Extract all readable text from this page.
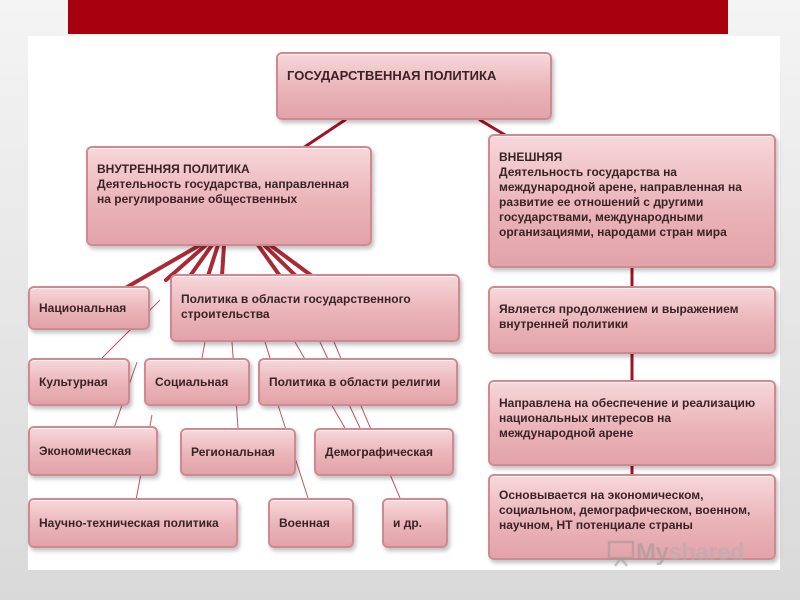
ГОСУДАРСТВЕННАЯ ПОЛИТИКА
ВНУТРЕННЯЯ ПОЛИТИКА
Деятельность государства, направленная на регулирование общественных
ВНЕШНЯЯ
Деятельность государства на международной арене, направленная на развитие ее отношений с другими государствами, международными организациями, народами стран мира
Национальная
Политика в области государственного строительства
Культурная	Социальная	Политика в области религии
Экономическая	Региональная	Демографическая
Научно-техническая политика	Военная	и др.
Является продолжением и выражением внутренней политики
Направлена на обеспечение и реализацию национальных интересов на международной арене
Основывается на экономическом, социальном, демографическом, военном, научном, НТ потенциале страны
Myshared
